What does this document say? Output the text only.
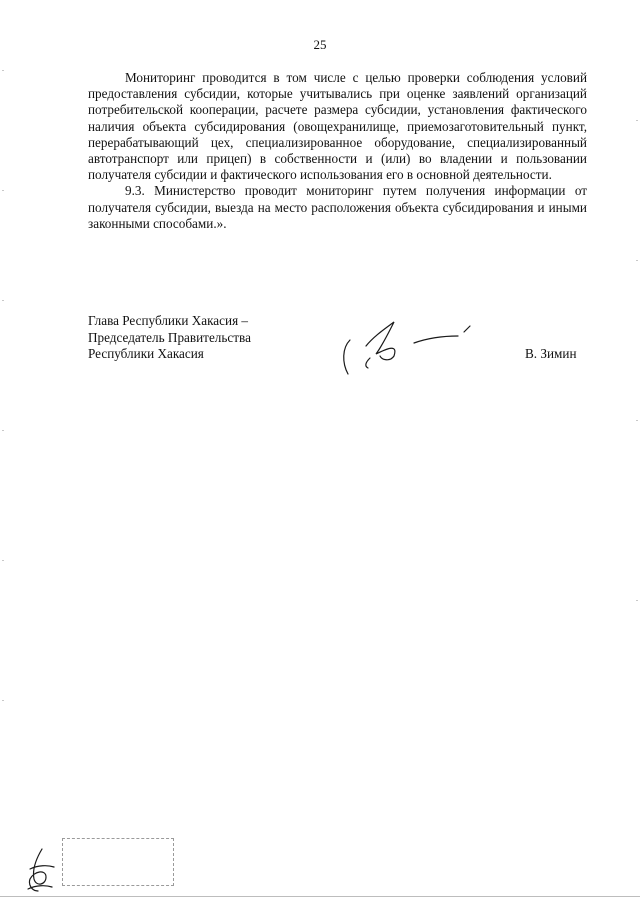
25

Мониторинг проводится в том числе с целью проверки соблюдения условий предоставления субсидии, которые учитывались при оценке заявлений организаций потребительской кооперации, расчете размера субсидии, установления фактического наличия объекта субсидирования (овощехранилище, приемозаготовительный пункт, перерабатывающий цех, специализированное оборудование, специализированный автотранспорт или прицеп) в собственности и (или) во владении и пользовании получателя субсидии и фактического использования его в основной деятельности.

9.3. Министерство проводит мониторинг путем получения информации от получателя субсидии, выезда на место расположения объекта субсидирования и иными законными способами.».

Глава Республики Хакасия –
Председатель Правительства
Республики Хакасия	В. Зимин
